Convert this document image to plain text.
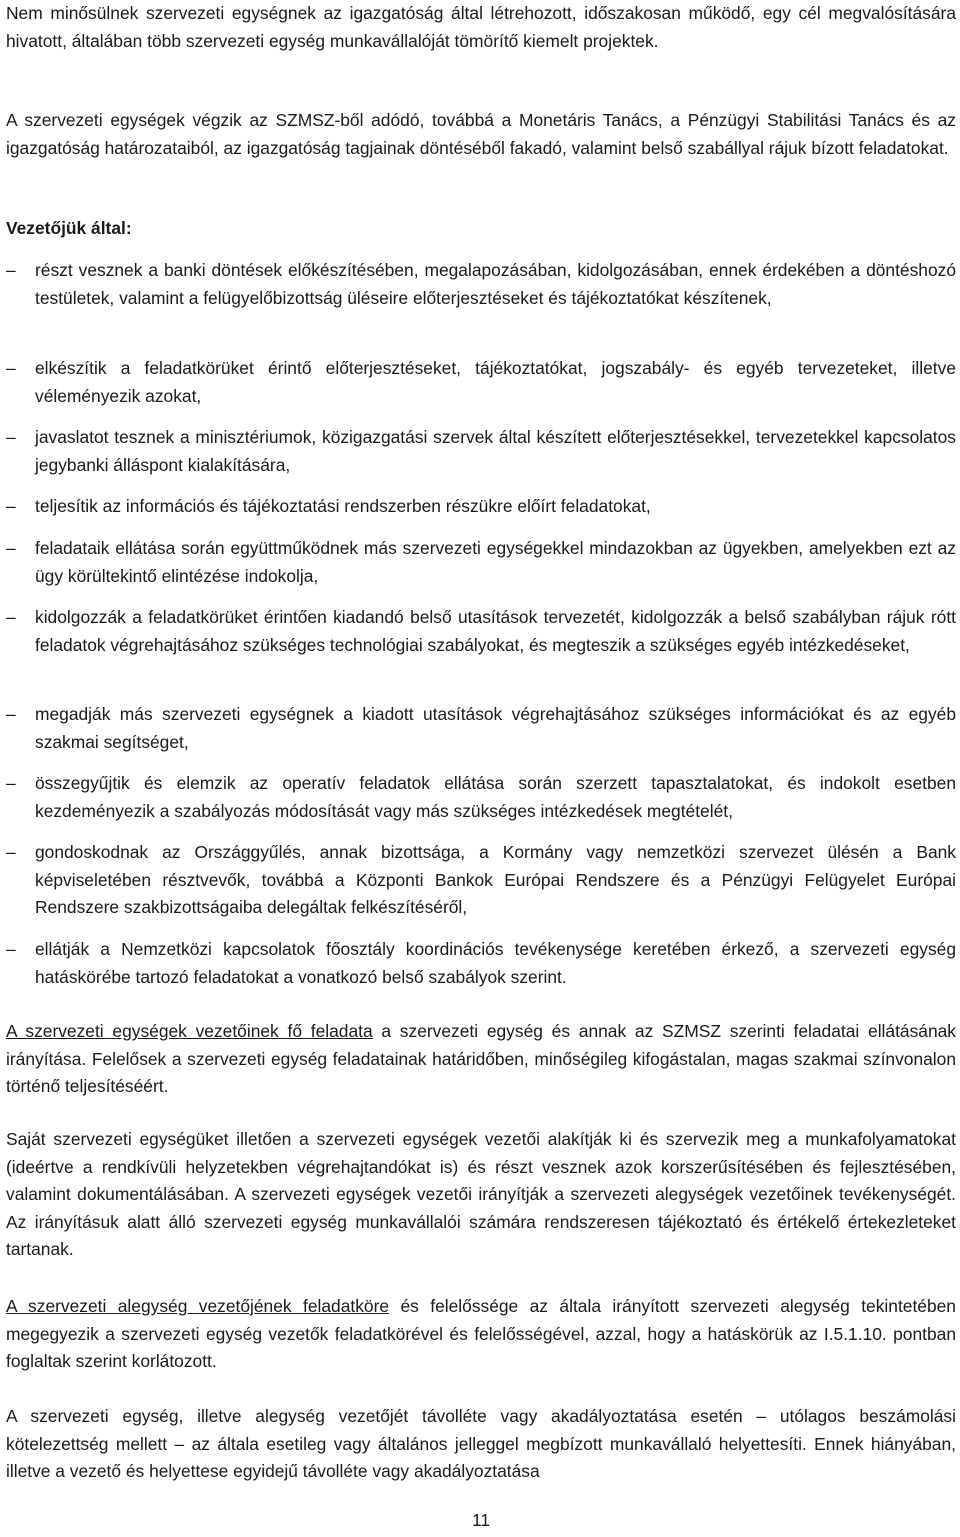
Nem minősülnek szervezeti egységnek az igazgatóság által létrehozott, időszakosan működő, egy cél megvalósítására hivatott, általában több szervezeti egység munkavállalóját tömörítő kiemelt projektek.

A szervezeti egységek végzik az SZMSZ-ből adódó, továbbá a Monetáris Tanács, a Pénzügyi Stabilitási Tanács és az igazgatóság határozataiból, az igazgatóság tagjainak döntéséből fakadó, valamint belső szabállyal rájuk bízott feladatokat.

Vezetőjük által:

– részt vesznek a banki döntések előkészítésében, megalapozásában, kidolgozásában, ennek érdekében a döntéshozó testületek, valamint a felügyelőbizottság üléseire előterjesztéseket és tájékoztatókat készítenek,

– elkészítik a feladatkörüket érintő előterjesztéseket, tájékoztatókat, jogszabály- és egyéb tervezeteket, illetve véleményezik azokat,

– javaslatot tesznek a minisztériumok, közigazgatási szervek által készített előterjesztésekkel, tervezetekkel kapcsolatos jegybanki álláspont kialakítására,

– teljesítik az információs és tájékoztatási rendszerben részükre előírt feladatokat,

– feladataik ellátása során együttműködnek más szervezeti egységekkel mindazokban az ügyekben, amelyekben ezt az ügy körültekintő elintézése indokolja,

– kidolgozzák a feladatkörüket érintően kiadandó belső utasítások tervezetét, kidolgozzák a belső szabályban rájuk rótt feladatok végrehajtásához szükséges technológiai szabályokat, és megteszik a szükséges egyéb intézkedéseket,

– megadják más szervezeti egységnek a kiadott utasítások végrehajtásához szükséges információkat és az egyéb szakmai segítséget,

– összegyűjtik és elemzik az operatív feladatok ellátása során szerzett tapasztalatokat, és indokolt esetben kezdeményezik a szabályozás módosítását vagy más szükséges intézkedések megtételét,

– gondoskodnak az Országgyűlés, annak bizottsága, a Kormány vagy nemzetközi szervezet ülésén a Bank képviseletében résztvevők, továbbá a Központi Bankok Európai Rendszere és a Pénzügyi Felügyelet Európai Rendszere szakbizottságaiba delegáltak felkészítéséről,

– ellátják a Nemzetközi kapcsolatok főosztály koordinációs tevékenysége keretében érkező, a szervezeti egység hatáskörébe tartozó feladatokat a vonatkozó belső szabályok szerint.

A szervezeti egységek vezetőinek fő feladata a szervezeti egység és annak az SZMSZ szerinti feladatai ellátásának irányítása. Felelősek a szervezeti egység feladatainak határidőben, minőségileg kifogástalan, magas szakmai színvonalon történő teljesítéséért.

Saját szervezeti egységüket illetően a szervezeti egységek vezetői alakítják ki és szervezik meg a munkafolyamatokat (ideértve a rendkívüli helyzetekben végrehajtandókat is) és részt vesznek azok korszerűsítésében és fejlesztésében, valamint dokumentálásában. A szervezeti egységek vezetői irányítják a szervezeti alegységek vezetőinek tevékenységét. Az irányításuk alatt álló szervezeti egység munkavállalói számára rendszeresen tájékoztató és értékelő értekezleteket tartanak.

A szervezeti alegység vezetőjének feladatköre és felelőssége az általa irányított szervezeti alegység tekintetében megegyezik a szervezeti egység vezetők feladatkörével és felelősségével, azzal, hogy a hatáskörük az I.5.1.10. pontban foglaltak szerint korlátozott.

A szervezeti egység, illetve alegység vezetőjét távolléte vagy akadályoztatása esetén – utólagos beszámolási kötelezettség mellett – az általa esetileg vagy általános jelleggel megbízott munkavállaló helyettesíti. Ennek hiányában, illetve a vezető és helyettese egyidejű távolléte vagy akadályoztatása

11
